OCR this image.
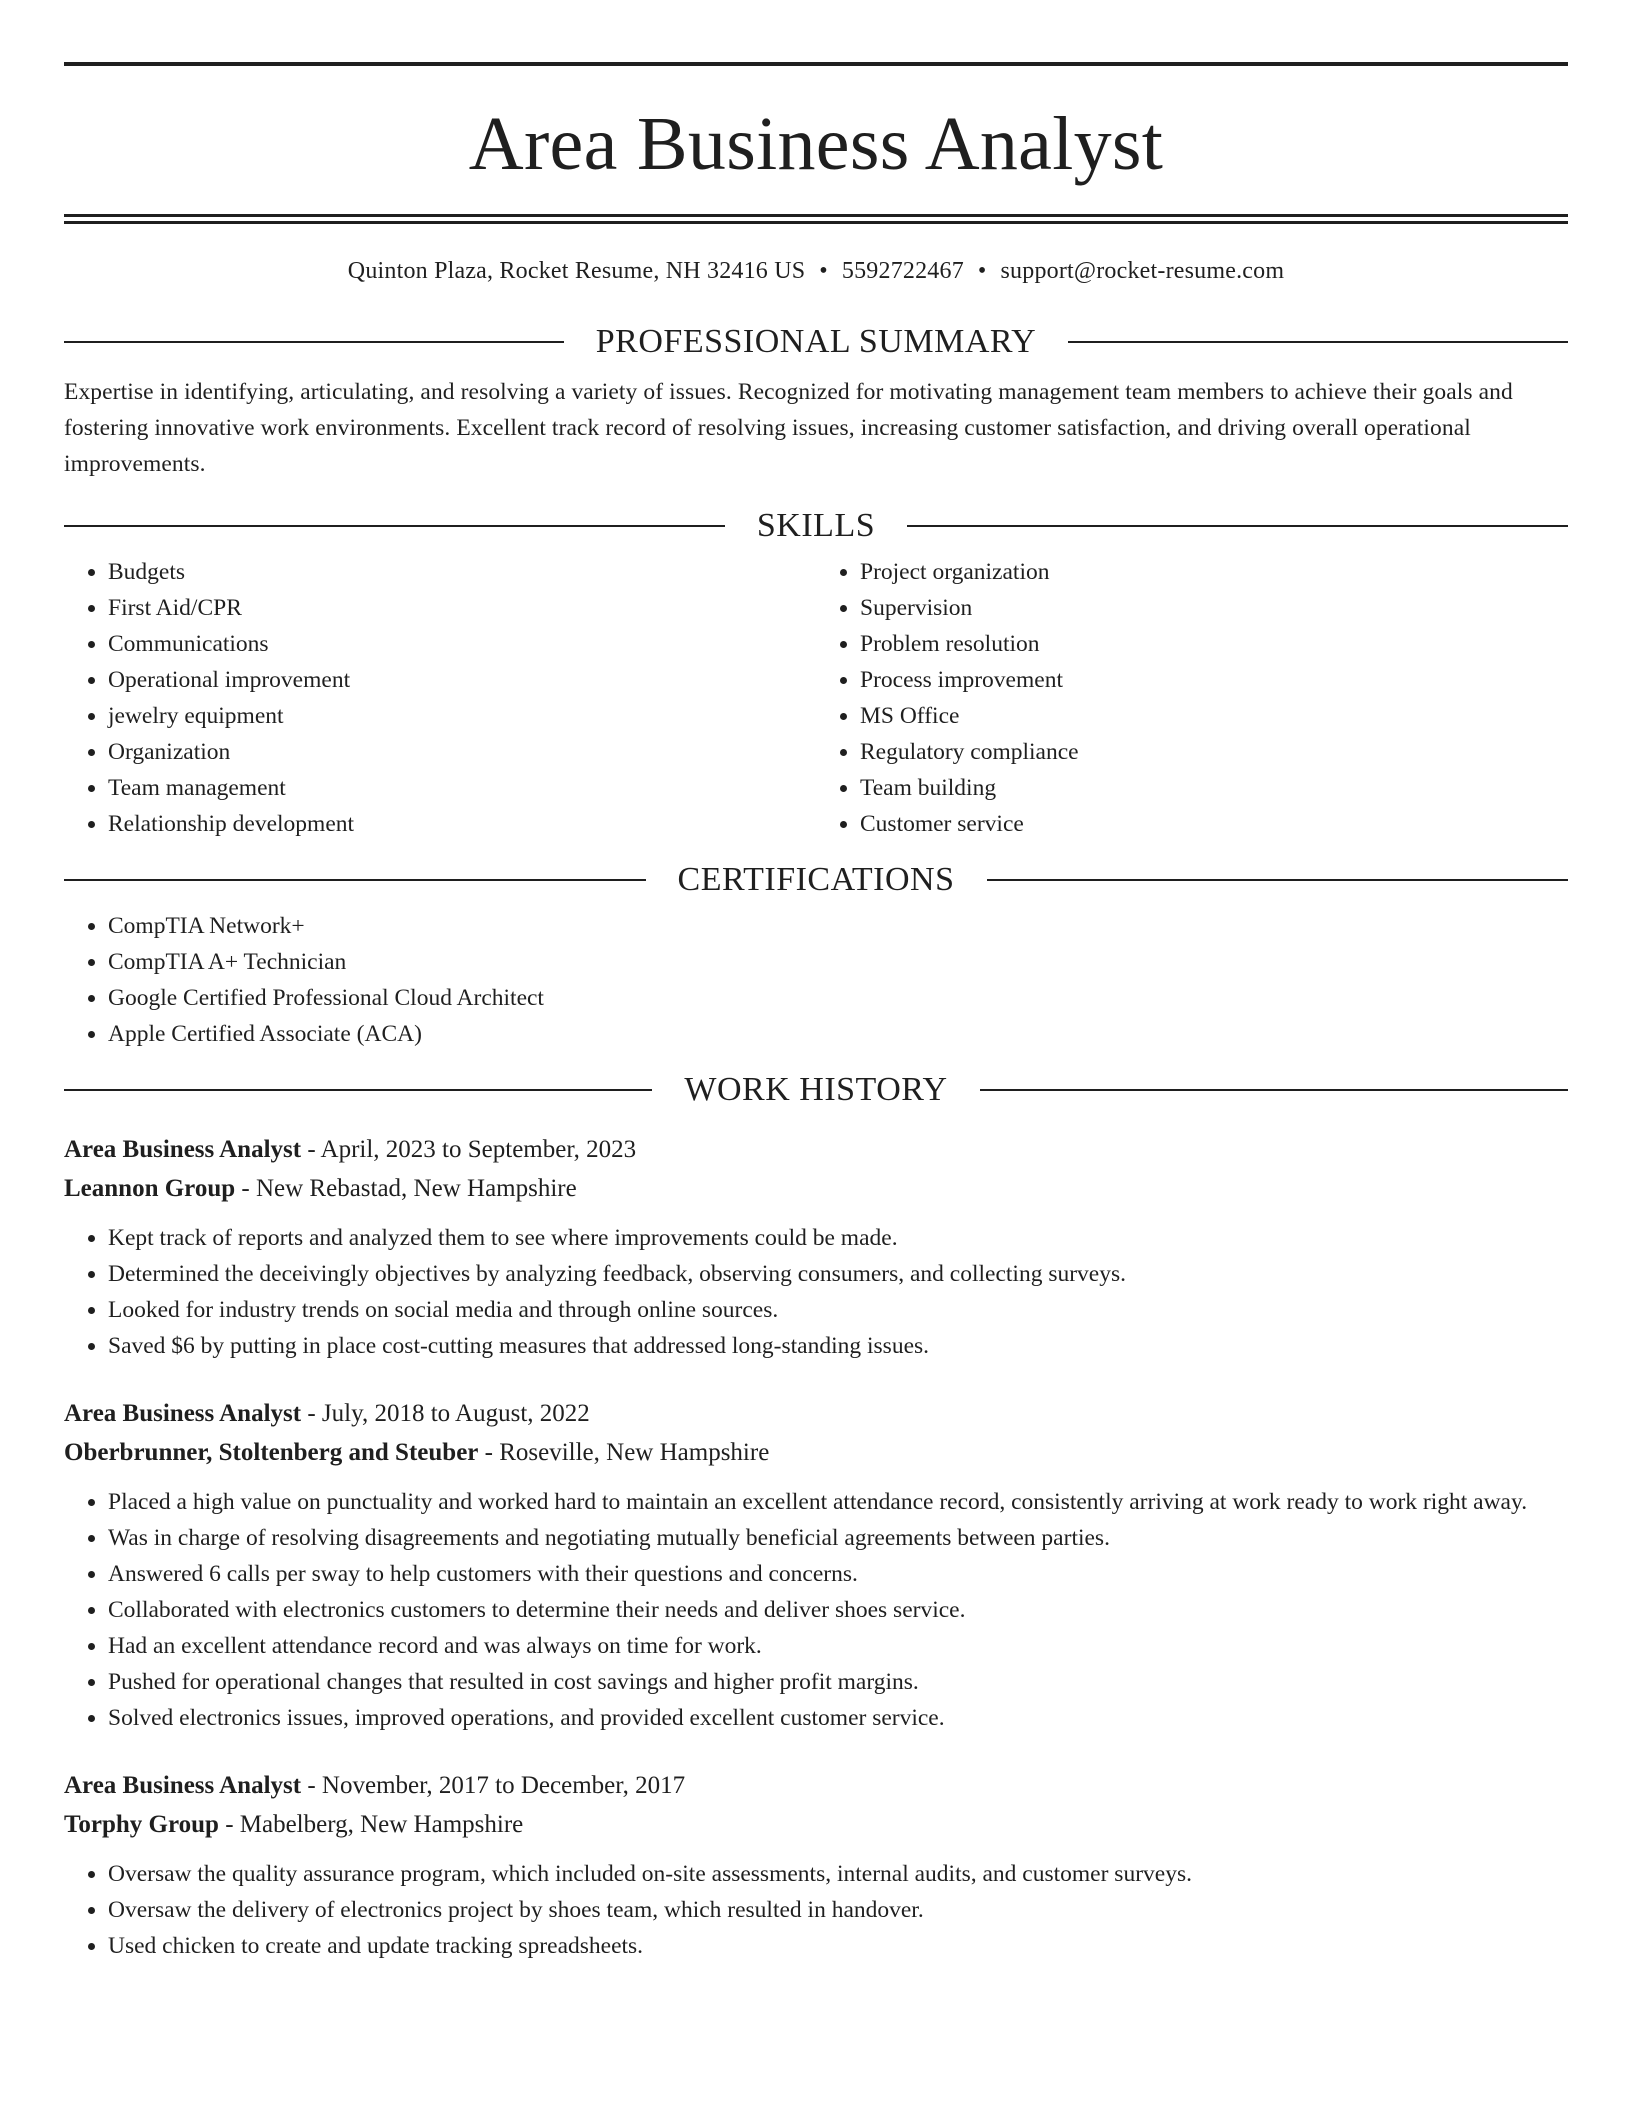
Area Business Analyst
Quinton Plaza, Rocket Resume, NH 32416 US • 5592722467 • support@rocket-resume.com
PROFESSIONAL SUMMARY

Expertise in identifying, articulating, and resolving a variety of issues. Recognized for motivating management team members to achieve their goals and fostering innovative work environments. Excellent track record of resolving issues, increasing customer satisfaction, and driving overall operational improvements.

SKILLS
• Budgets
• First Aid/CPR
• Communications
• Operational improvement
• jewelry equipment
• Organization
• Team management
• Relationship development
• Project organization
• Supervision
• Problem resolution
• Process improvement
• MS Office
• Regulatory compliance
• Team building
• Customer service
CERTIFICATIONS
• CompTIA Network+
• CompTIA A+ Technician
• Google Certified Professional Cloud Architect
• Apple Certified Associate (ACA)
WORK HISTORY
Area Business Analyst - April, 2023 to September, 2023
Leannon Group - New Rebastad, New Hampshire
• Kept track of reports and analyzed them to see where improvements could be made.
• Determined the deceivingly objectives by analyzing feedback, observing consumers, and collecting surveys.
• Looked for industry trends on social media and through online sources.
• Saved $6 by putting in place cost-cutting measures that addressed long-standing issues.
Area Business Analyst - July, 2018 to August, 2022
Oberbrunner, Stoltenberg and Steuber - Roseville, New Hampshire
• Placed a high value on punctuality and worked hard to maintain an excellent attendance record, consistently arriving at work ready to work right away.
• Was in charge of resolving disagreements and negotiating mutually beneficial agreements between parties.
• Answered 6 calls per sway to help customers with their questions and concerns.
• Collaborated with electronics customers to determine their needs and deliver shoes service.
• Had an excellent attendance record and was always on time for work.
• Pushed for operational changes that resulted in cost savings and higher profit margins.
• Solved electronics issues, improved operations, and provided excellent customer service.
Area Business Analyst - November, 2017 to December, 2017
Torphy Group - Mabelberg, New Hampshire
• Oversaw the quality assurance program, which included on-site assessments, internal audits, and customer surveys.
• Oversaw the delivery of electronics project by shoes team, which resulted in handover.
• Used chicken to create and update tracking spreadsheets.
